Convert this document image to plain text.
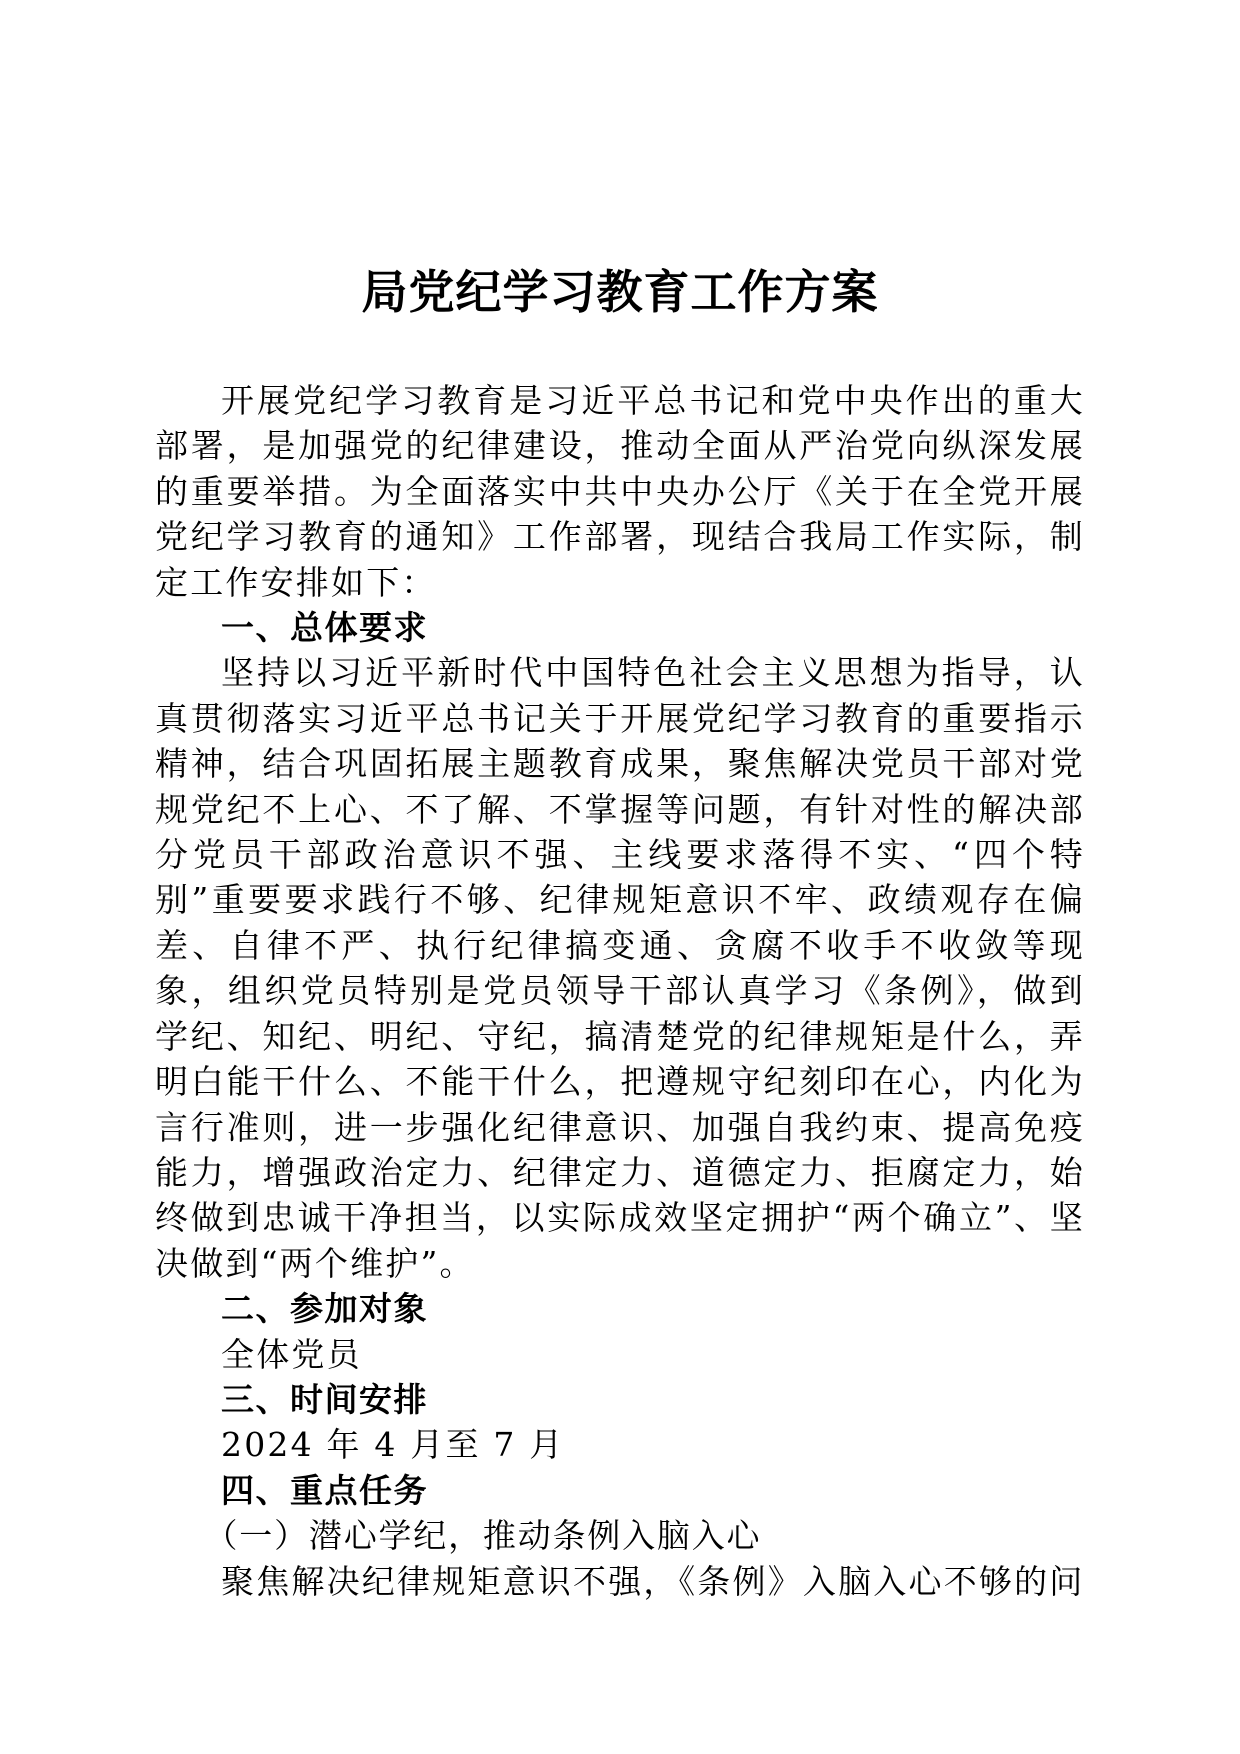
局党纪学习教育工作方案

开展党纪学习教育是习近平总书记和党中央作出的重大部署，是加强党的纪律建设，推动全面从严治党向纵深发展的重要举措。为全面落实中共中央办公厅《关于在全党开展党纪学习教育的通知》工作部署，现结合我局工作实际，制定工作安排如下：

一、总体要求

坚持以习近平新时代中国特色社会主义思想为指导，认真贯彻落实习近平总书记关于开展党纪学习教育的重要指示精神，结合巩固拓展主题教育成果，聚焦解决党员干部对党规党纪不上心、不了解、不掌握等问题，有针对性的解决部分党员干部政治意识不强、主线要求落得不实、“四个特别”重要要求践行不够、纪律规矩意识不牢、政绩观存在偏差、自律不严、执行纪律搞变通、贪腐不收手不收敛等现象，组织党员特别是党员领导干部认真学习《条例》，做到学纪、知纪、明纪、守纪，搞清楚党的纪律规矩是什么，弄明白能干什么、不能干什么，把遵规守纪刻印在心，内化为言行准则，进一步强化纪律意识、加强自我约束、提高免疫能力，增强政治定力、纪律定力、道德定力、拒腐定力，始终做到忠诚干净担当，以实际成效坚定拥护“两个确立”、坚决做到“两个维护”。

二、参加对象

全体党员

三、时间安排

2024 年 4 月至 7 月

四、重点任务

（一）潜心学纪，推动条例入脑入心

聚焦解决纪律规矩意识不强，《条例》入脑入心不够的问
